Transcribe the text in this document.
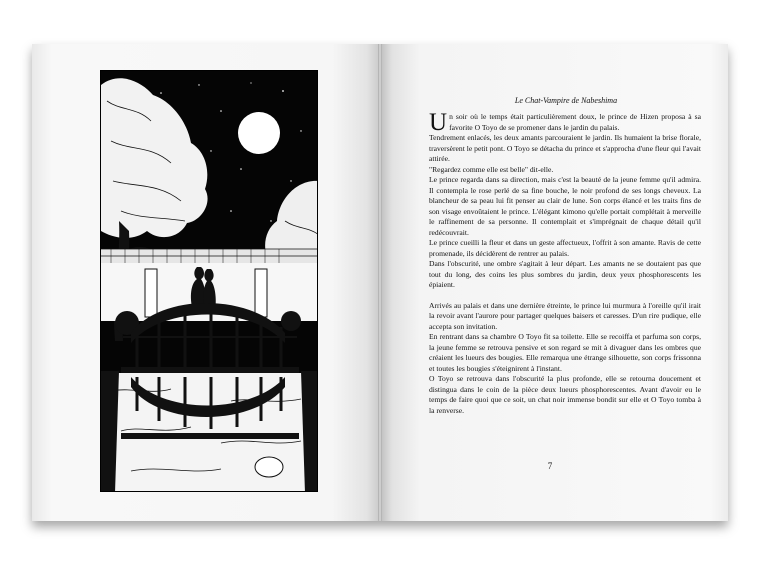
Le Chat-Vampire de Nabeshima

Un soir où le temps était particulièrement doux, le prince de Hizen proposa à sa favorite O Toyo de se promener dans le jardin du palais.

Tendrement enlacés, les deux amants parcouraient le jardin. Ils humaient la brise florale, traversèrent le petit pont. O Toyo se détacha du prince et s'approcha d'une fleur qui l'avait attirée.

"Regardez comme elle est belle" dit-elle.

Le prince regarda dans sa direction, mais c'est la beauté de la jeune femme qu'il admira. Il contempla le rose perlé de sa fine bouche, le noir profond de ses longs cheveux. La blancheur de sa peau lui fit penser au clair de lune. Son corps élancé et les traits fins de son visage envoûtaient le prince. L'élégant kimono qu'elle portait complétait à merveille le raffinement de sa personne. Il contemplait et s'imprégnait de chaque détail qu'il redécouvrait.

Le prince cueilli la fleur et dans un geste affectueux, l'offrit à son amante. Ravis de cette promenade, ils décidèrent de rentrer au palais.

Dans l'obscurité, une ombre s'agitait à leur départ. Les amants ne se doutaient pas que tout du long, des coins les plus sombres du jardin, deux yeux phosphorescents les épiaient.

Arrivés au palais et dans une dernière étreinte, le prince lui murmura à l'oreille qu'il irait la revoir avant l'aurore pour partager quelques baisers et caresses. D'un rire pudique, elle accepta son invitation.

En rentrant dans sa chambre O Toyo fit sa toilette. Elle se recoiffa et parfuma son corps, la jeune femme se retrouva pensive et son regard se mit à divaguer dans les ombres que créaient les lueurs des bougies. Elle remarqua une étrange silhouette, son corps frissonna et toutes les bougies s'éteignirent à l'instant.

O Toyo se retrouva dans l'obscurité la plus profonde, elle se retourna doucement et distingua dans le coin de la pièce deux lueurs phosphorescentes. Avant d'avoir eu le temps de faire quoi que ce soit, un chat noir immense bondit sur elle et O Toyo tomba à la renverse.

7
